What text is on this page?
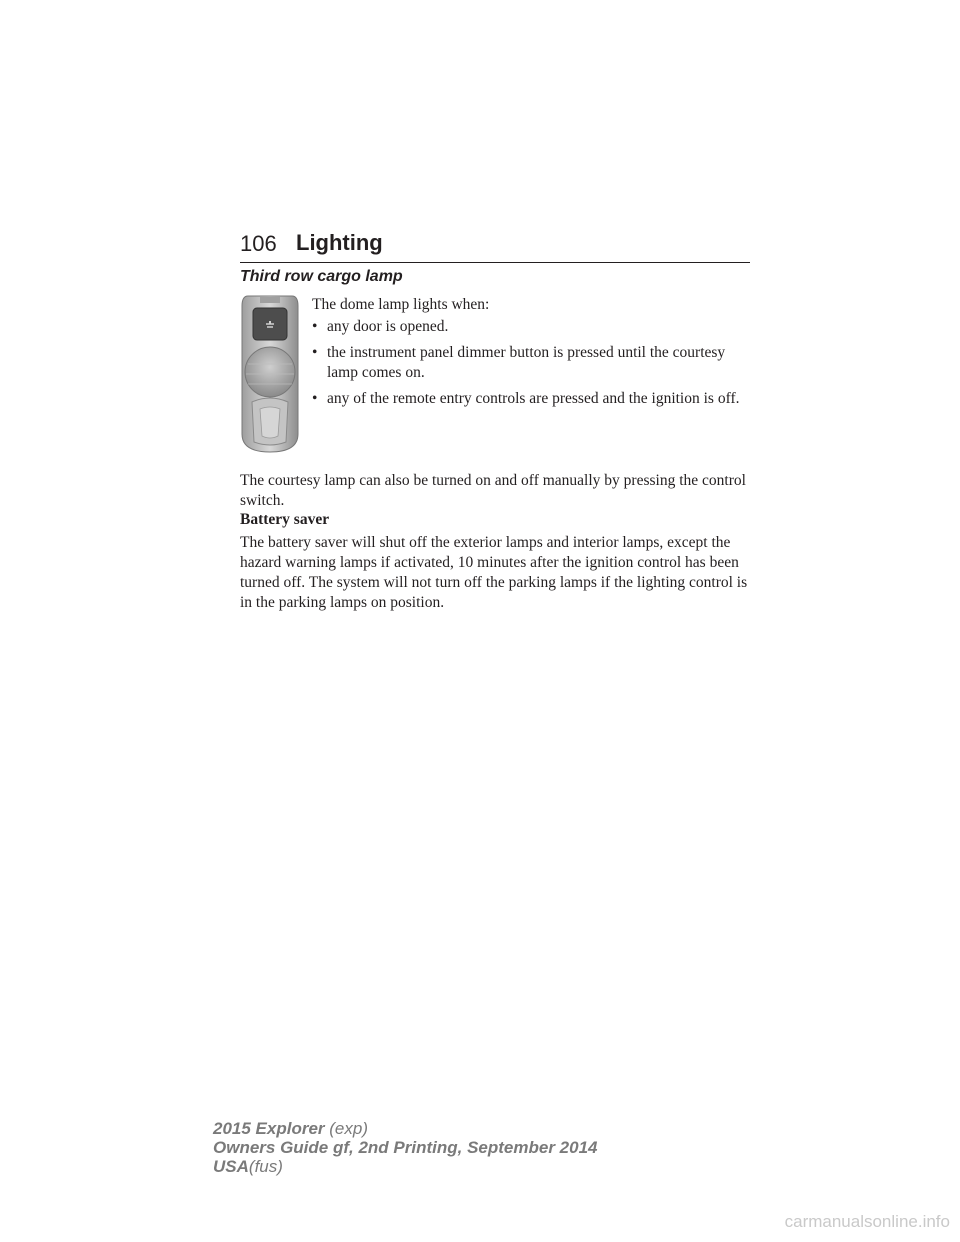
106 Lighting
Third row cargo lamp
The dome lamp lights when:
• any door is opened.
• the instrument panel dimmer button is pressed until the courtesy lamp comes on.
• any of the remote entry controls are pressed and the ignition is off.

The courtesy lamp can also be turned on and off manually by pressing the control switch.

Battery saver

The battery saver will shut off the exterior lamps and interior lamps, except the hazard warning lamps if activated, 10 minutes after the ignition control has been turned off. The system will not turn off the parking lamps if the lighting control is in the parking lamps on position.

2015 Explorer (exp)
Owners Guide gf, 2nd Printing, September 2014
USA(fus)
carmanualsonline.info
